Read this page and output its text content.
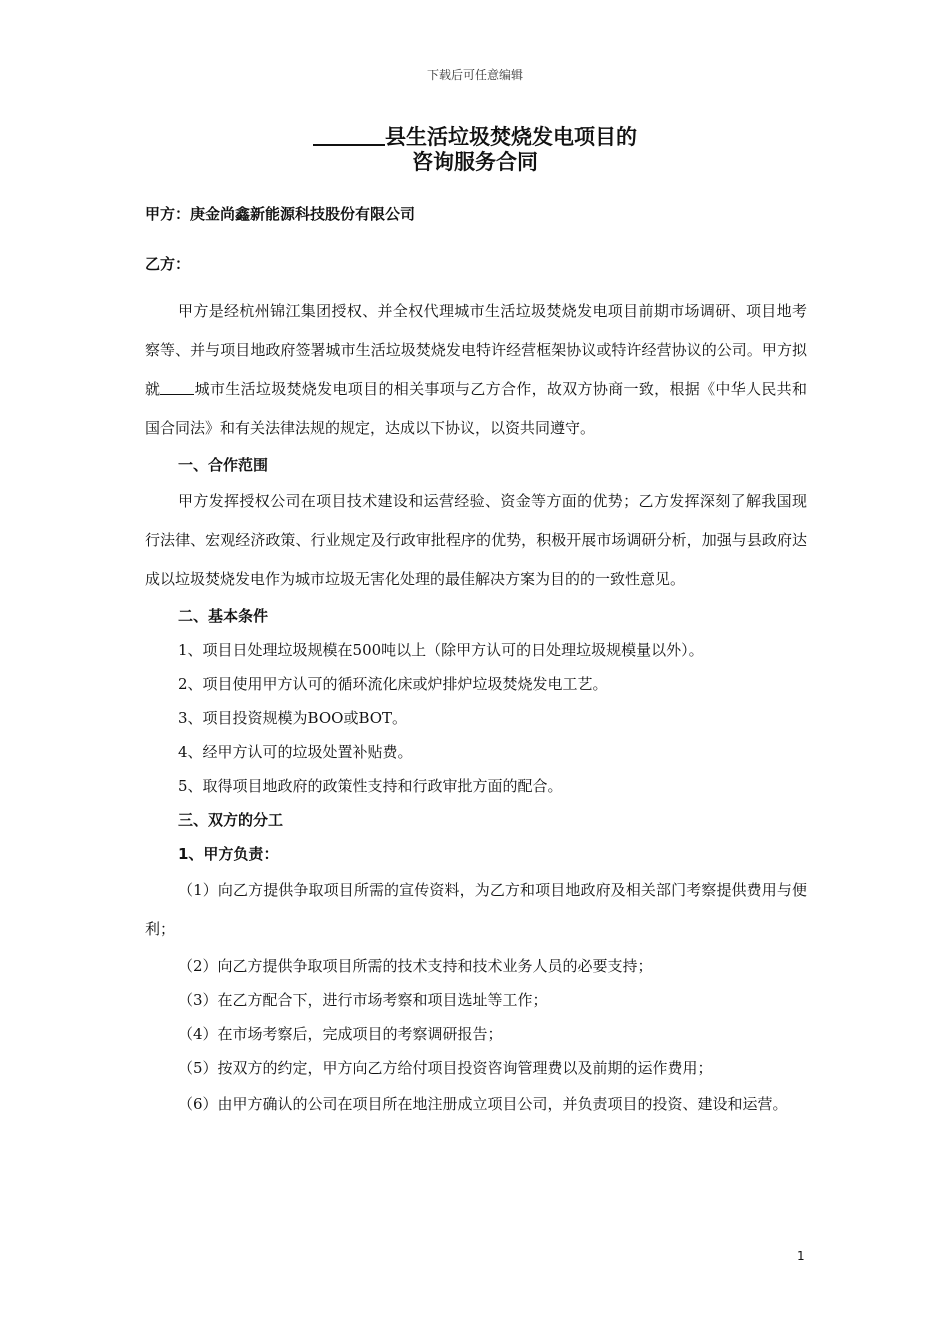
下载后可任意编辑
县生活垃圾焚烧发电项目的
咨询服务合同
甲方：庚金尚鑫新能源科技股份有限公司
乙方：

甲方是经杭州锦江集团授权、并全权代理城市生活垃圾焚烧发电项目前期市场调研、项目地考察等、并与项目地政府签署城市生活垃圾焚烧发电特许经营框架协议或特许经营协议的公司。甲方拟就 城市生活垃圾焚烧发电项目的相关事项与乙方合作，故双方协商一致，根据《中华人民共和国合同法》和有关法律法规的规定，达成以下协议，以资共同遵守。

一、合作范围

甲方发挥授权公司在项目技术建设和运营经验、资金等方面的优势；乙方发挥深刻了解我国现行法律、宏观经济政策、行业规定及行政审批程序的优势，积极开展市场调研分析，加强与县政府达成以垃圾焚烧发电作为城市垃圾无害化处理的最佳解决方案为目的的一致性意见。

二、基本条件

1、项目日处理垃圾规模在500吨以上（除甲方认可的日处理垃圾规模量以外）。

2、项目使用甲方认可的循环流化床或炉排炉垃圾焚烧发电工艺。

3、项目投资规模为BOO或BOT。

4、经甲方认可的垃圾处置补贴费。

5、取得项目地政府的政策性支持和行政审批方面的配合。

三、双方的分工

1、甲方负责：

（1）向乙方提供争取项目所需的宣传资料，为乙方和项目地政府及相关部门考察提供费用与便利；

（2）向乙方提供争取项目所需的技术支持和技术业务人员的必要支持；

（3）在乙方配合下，进行市场考察和项目选址等工作；

（4）在市场考察后，完成项目的考察调研报告；

（5）按双方的约定，甲方向乙方给付项目投资咨询管理费以及前期的运作费用；

（6）由甲方确认的公司在项目所在地注册成立项目公司，并负责项目的投资、建设和运营。

1
